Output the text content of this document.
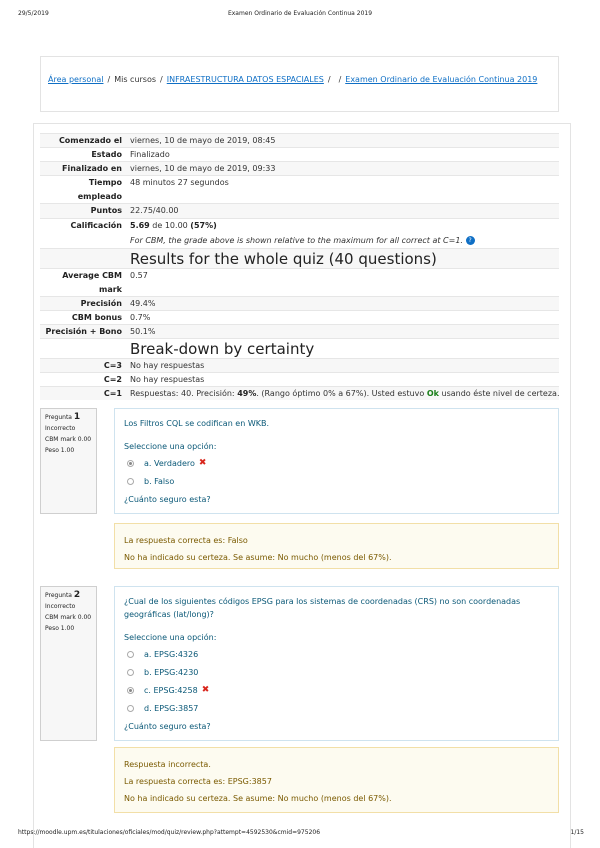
29/5/2019	Examen Ordinario de Evaluación Continua 2019
Área personal / Mis cursos / INFRAESTRUCTURA DATOS ESPACIALES / / Examen Ordinario de Evaluación Continua 2019
Comenzado el viernes, 10 de mayo de 2019, 08:45
Estado Finalizado
Finalizado en viernes, 10 de mayo de 2019, 09:33
Tiempo
empleado
48 minutos 27 segundos
Puntos 22.75/40.00
Calificación 5.69 de 10.00 (57%)
For CBM, the grade above is shown relative to the maximum for all correct at C=1. ?
Results for the whole quiz (40 questions)
Average CBM
mark
0.57
Precisión 49.4%
CBM bonus 0.7%
Precisión + Bono 50.1%
Break-down by certainty
C=3 No hay respuestas
C=2 No hay respuestas
C=1 Respuestas: 40. Precisión: 49%. (Rango óptimo 0% a 67%). Usted estuvo Ok usando éste nivel de certeza.
Pregunta 1
Incorrecto
CBM mark 0.00
Peso 1.00
Los Filtros CQL se codifican en WKB.
Seleccione una opción:
a. Verdadero ✖
b. Falso
¿Cuánto seguro esta?
La respuesta correcta es: Falso
No ha indicado su certeza. Se asume: No mucho (menos del 67%).
Pregunta 2
Incorrecto
CBM mark 0.00
Peso 1.00
¿Cual de los siguientes códigos EPSG para los sistemas de coordenadas (CRS) no son coordenadas geográficas (lat/long)?
Seleccione una opción:
a. EPSG:4326
b. EPSG:4230
c. EPSG:4258 ✖
d. EPSG:3857
¿Cuánto seguro esta?
Respuesta incorrecta.
La respuesta correcta es: EPSG:3857
No ha indicado su certeza. Se asume: No mucho (menos del 67%).
https://moodle.upm.es/titulaciones/oficiales/mod/quiz/review.php?attempt=4592530&cmid=975206	1/15
